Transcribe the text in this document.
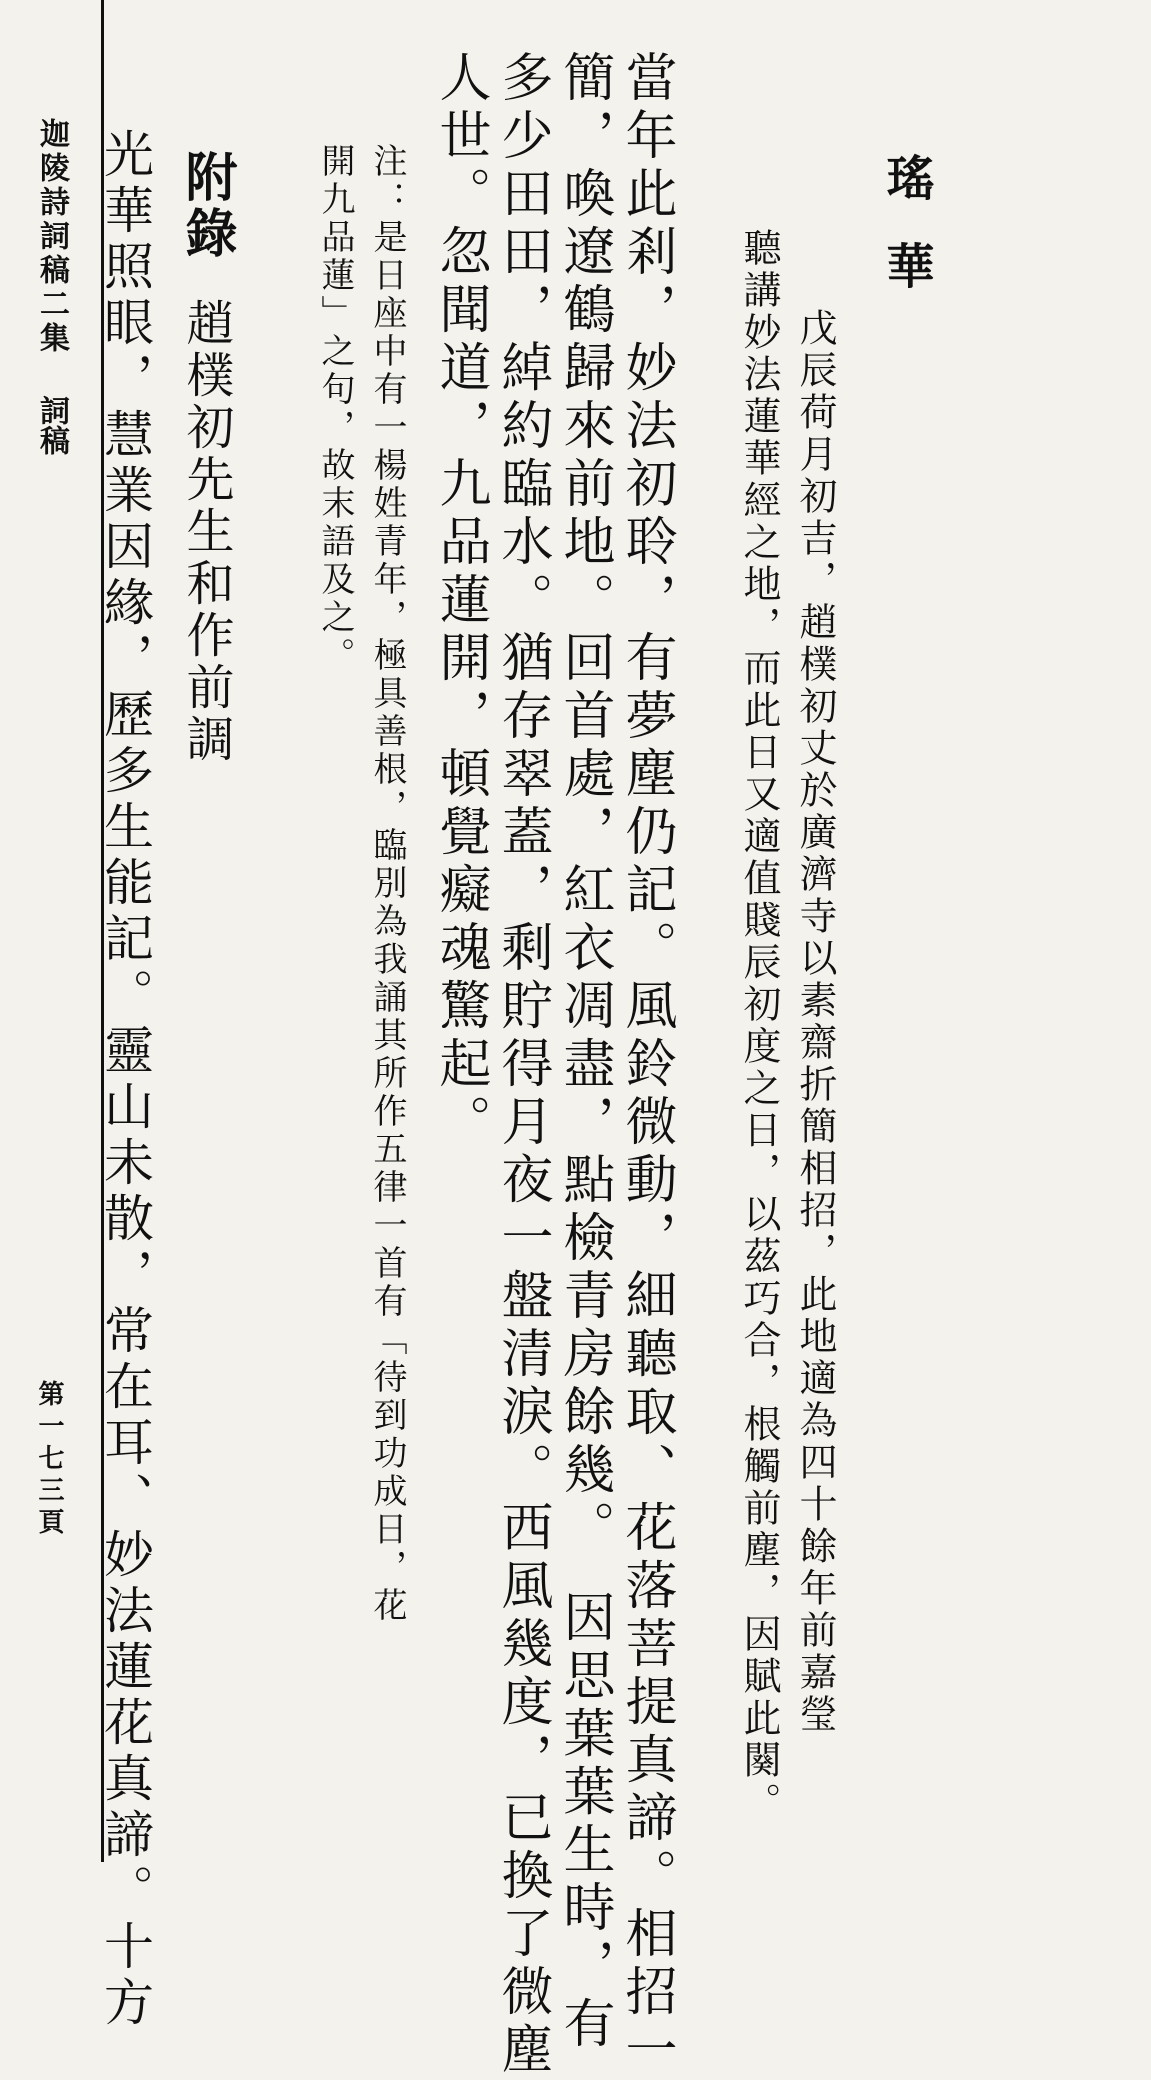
迦陵詩詞稿二集
詞稿
第一七三頁
瑤華
戊辰荷月初吉，趙樸初丈於廣濟寺以素齋折簡相招，此地適為四十餘年前嘉瑩
聽講妙法蓮華經之地，而此日又適值賤辰初度之日，以茲巧合，根觸前塵，因賦此闋。
當年此剎，妙法初聆，有夢塵仍記。風鈴微動，細聽取、花落菩提真諦。相招一
簡，喚遼鶴歸來前地。回首處，紅衣凋盡，點檢青房餘幾。　因思葉葉生時，有
多少田田，綽約臨水。猶存翠蓋，剩貯得月夜一盤清淚。西風幾度，已換了微塵
人世。忽聞道，九品蓮開，頓覺癡魂驚起。
注：是日座中有一楊姓青年，極具善根，臨別為我誦其所作五律一首有「待到功成日，花
開九品蓮」之句，故末語及之。
附錄
趙樸初先生和作前調
光華照眼，慧業因緣，歷多生能記。靈山未散，常在耳、妙法蓮花真諦。十方
